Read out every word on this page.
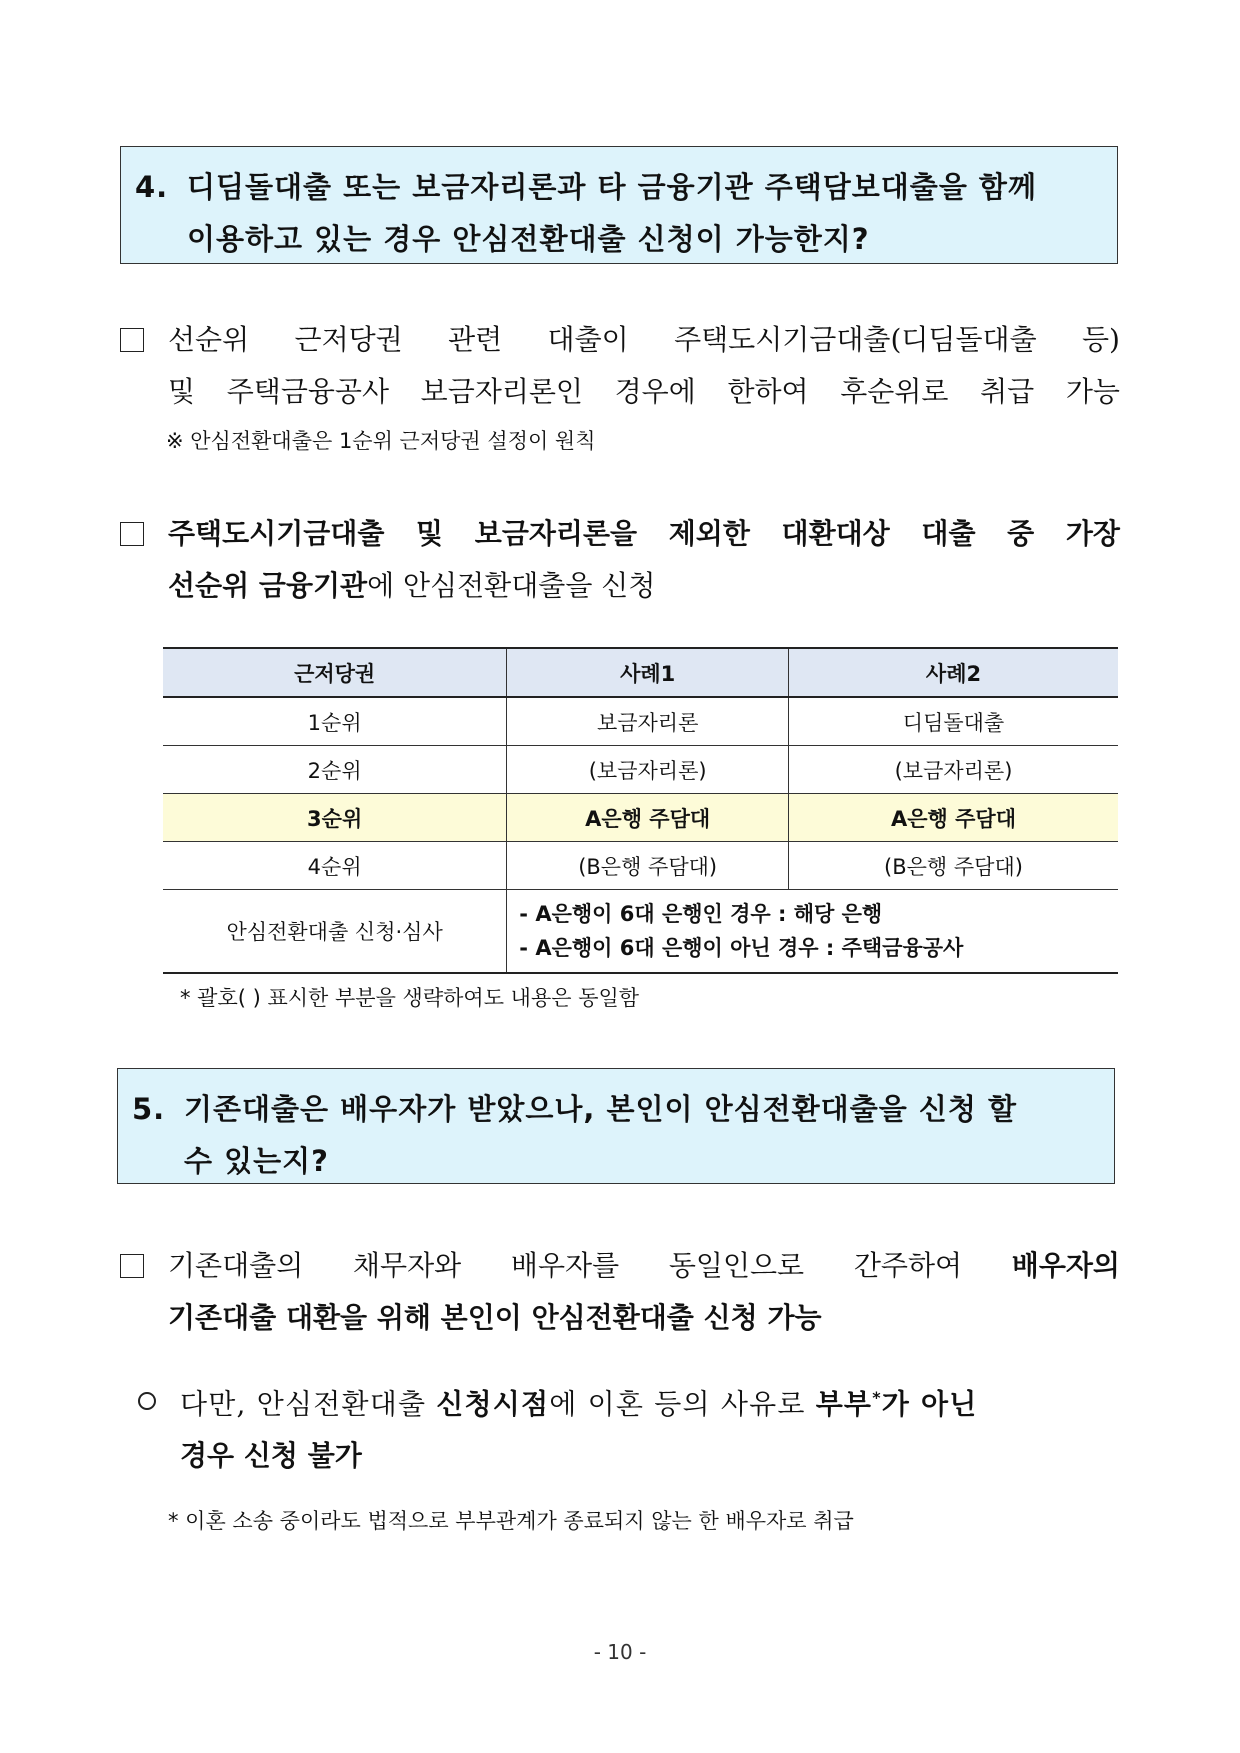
4. 디딤돌대출 또는 보금자리론과 타 금융기관 주택담보대출을 함께
이용하고 있는 경우 안심전환대출 신청이 가능한지?
선순위 근저당권 관련 대출이 주택도시기금대출(디딤돌대출 등)
및 주택금융공사 보금자리론인 경우에 한하여 후순위로 취급 가능
※ 안심전환대출은 1순위 근저당권 설정이 원칙
주택도시기금대출 및 보금자리론을 제외한 대환대상 대출 중 가장
선순위 금융기관에 안심전환대출을 신청
근저당권	사례1	사례2
1순위	보금자리론	디딤돌대출
2순위	(보금자리론)	(보금자리론)
3순위	A은행 주담대	A은행 주담대
4순위	(B은행 주담대)	(B은행 주담대)
안심전환대출 신청·심사	- A은행이 6대 은행인 경우 : 해당 은행
- A은행이 6대 은행이 아닌 경우 : 주택금융공사	
* 괄호( ) 표시한 부분을 생략하여도 내용은 동일함
5. 기존대출은 배우자가 받았으나, 본인이 안심전환대출을 신청 할
수 있는지?
기존대출의 채무자와 배우자를 동일인으로 간주하여 배우자의
기존대출 대환을 위해 본인이 안심전환대출 신청 가능
다만, 안심전환대출 신청시점에 이혼 등의 사유로 부부*가 아닌
경우 신청 불가
* 이혼 소송 중이라도 법적으로 부부관계가 종료되지 않는 한 배우자로 취급
- 10 -
